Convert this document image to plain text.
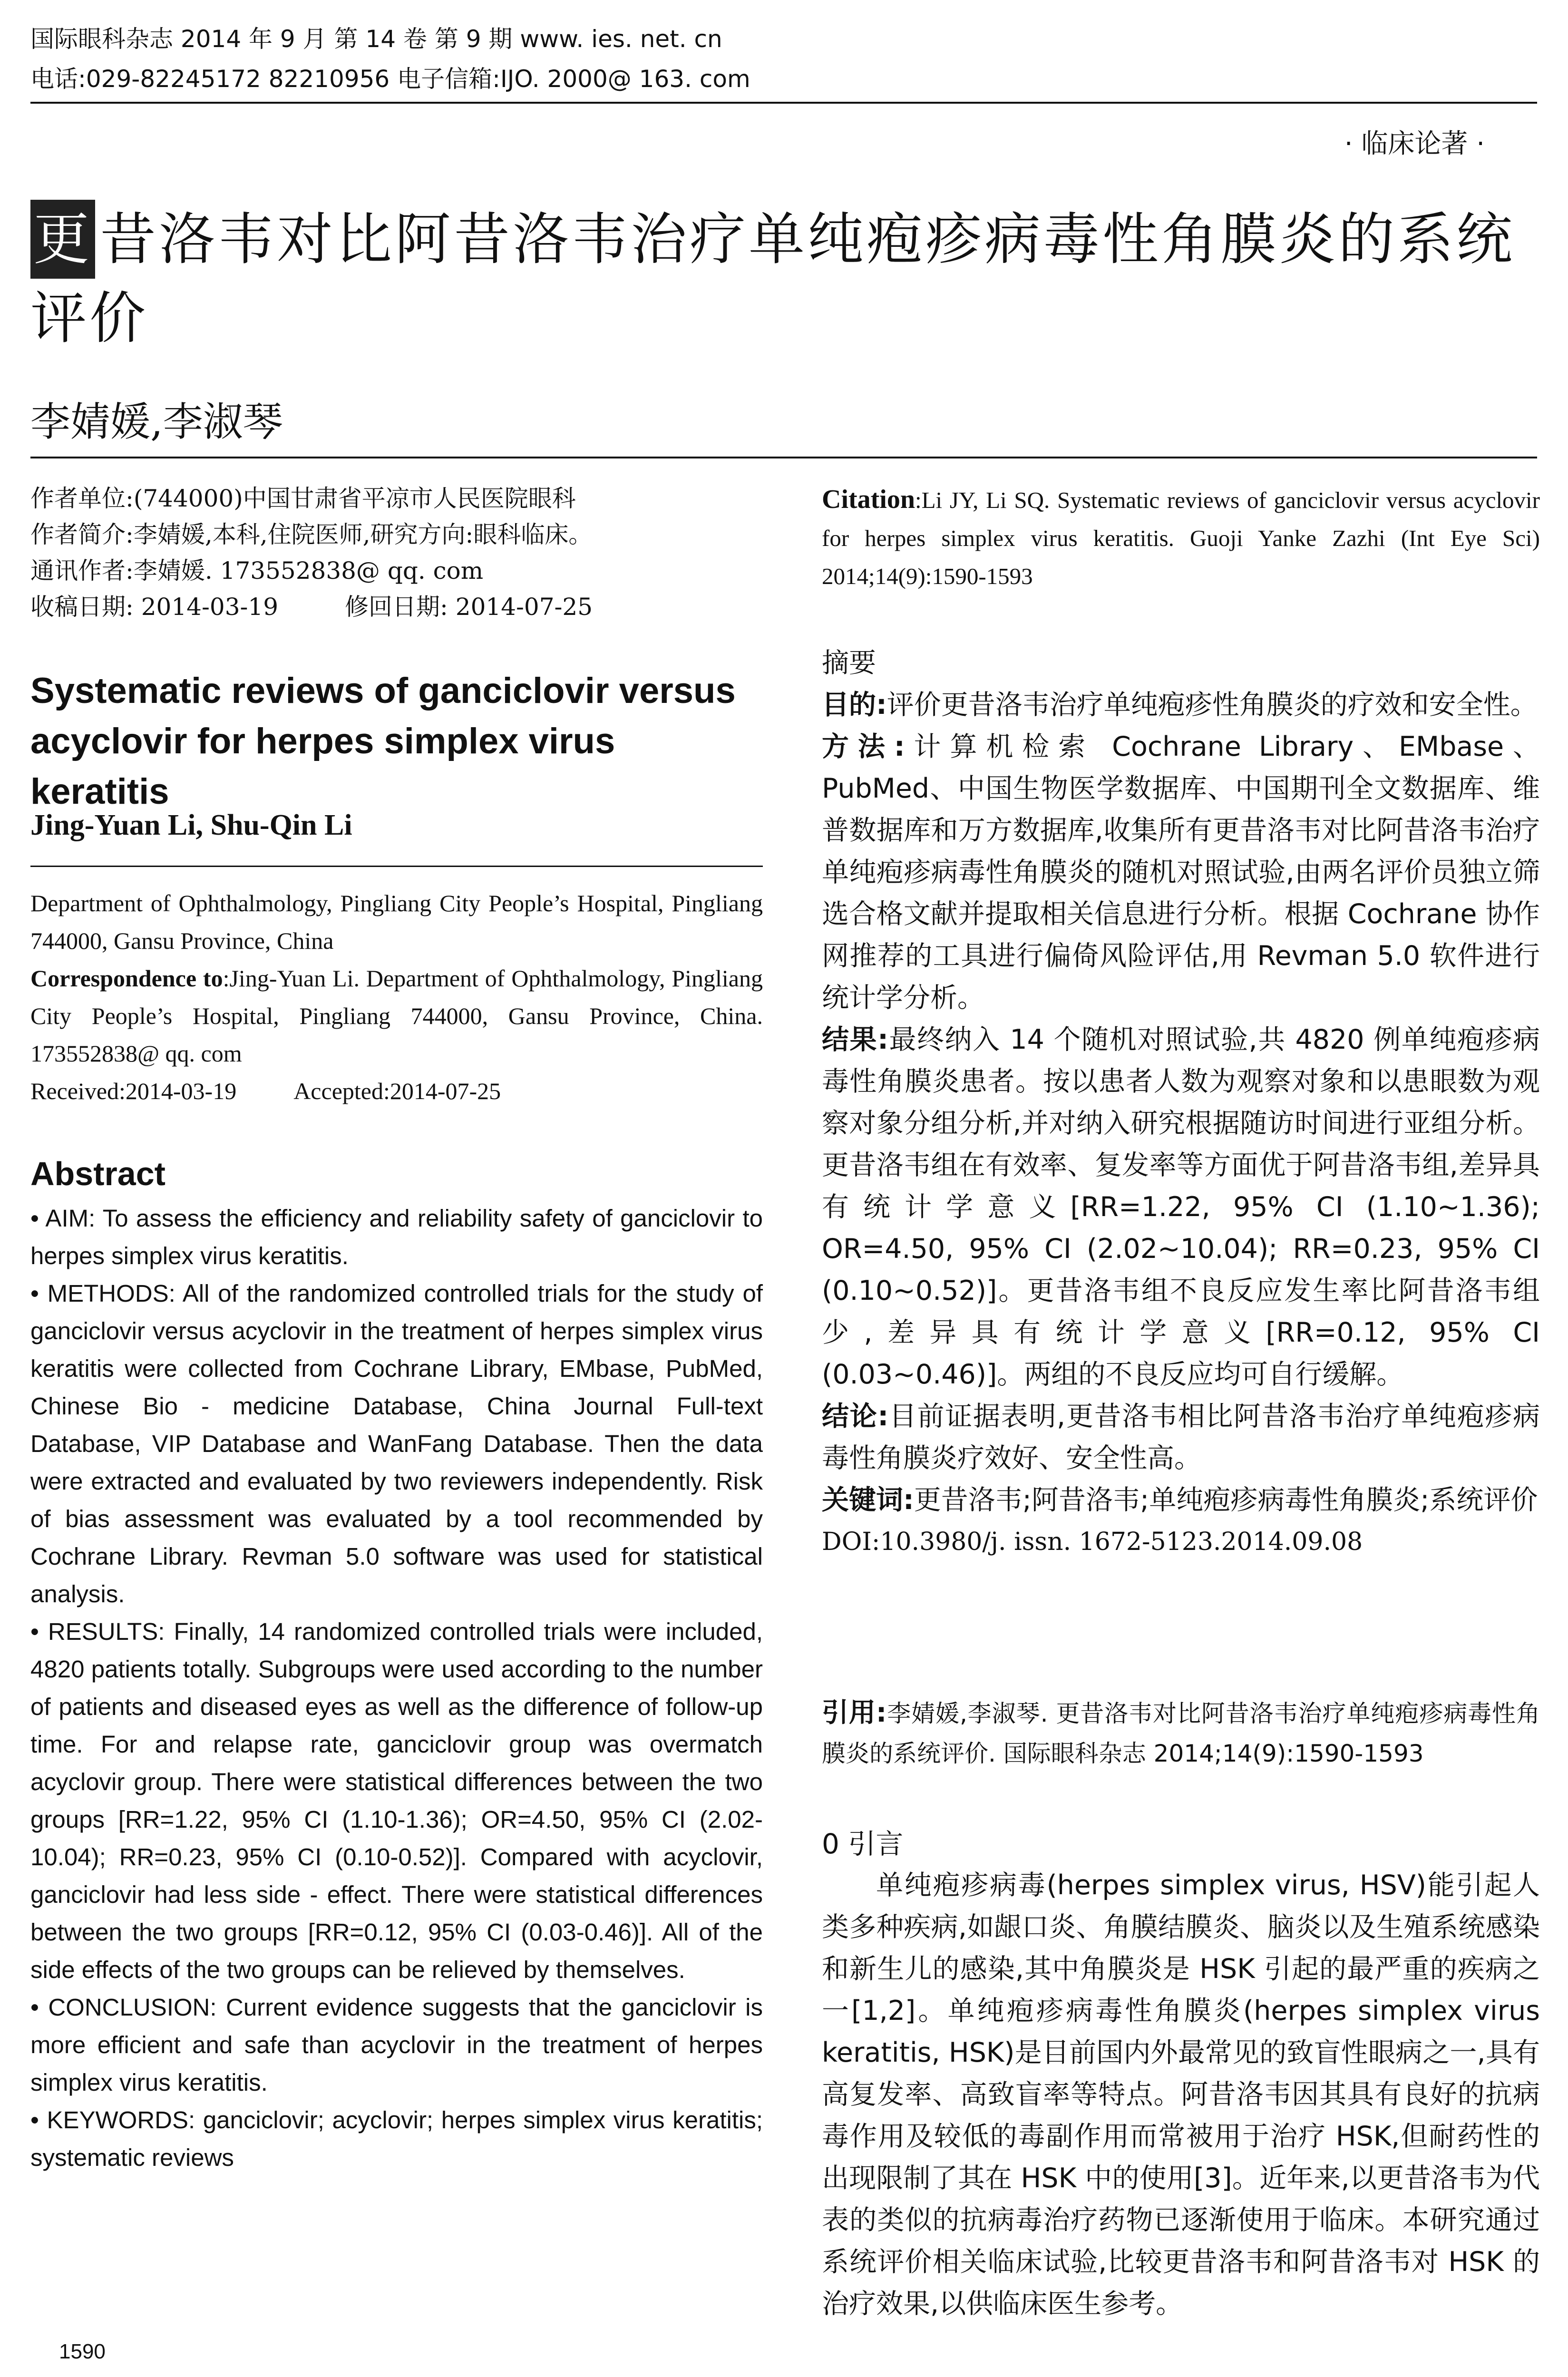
国际眼科杂志 2014 年 9 月 第 14 卷 第 9 期 www. ies. net. cn
电话:029-82245172 82210956 电子信箱:IJO. 2000@ 163. com
· 临床论著 ·
更 昔洛韦对比阿昔洛韦治疗单纯疱疹病毒性角膜炎的系统评价
李婧媛,李淑琴

作者单位:(744000)中国甘肃省平凉市人民医院眼科

作者简介:李婧媛,本科,住院医师,研究方向:眼科临床。

通讯作者:李婧媛. 173552838@ qq. com

收稿日期: 2014-03-19	修回日期: 2014-07-25

Systematic reviews of ganciclovir versus acyclovir for herpes simplex virus keratitis
Jing-Yuan Li, Shu-Qin Li

Department of Ophthalmology, Pingliang City People’s Hospital, Pingliang 744000, Gansu Province, China

Correspondence to:Jing-Yuan Li. Department of Ophthalmology, Pingliang City People’s Hospital, Pingliang 744000, Gansu Province, China. 173552838@ qq. com

Received:2014-03-19 Accepted:2014-07-25

Abstract

• AIM: To assess the efficiency and reliability safety of ganciclovir to herpes simplex virus keratitis.

• METHODS: All of the randomized controlled trials for the study of ganciclovir versus acyclovir in the treatment of herpes simplex virus keratitis were collected from Cochrane Library, EMbase, PubMed, Chinese Bio - medicine Database, China Journal Full-text Database, VIP Database and WanFang Database. Then the data were extracted and evaluated by two reviewers independently. Risk of bias assessment was evaluated by a tool recommended by Cochrane Library. Revman 5.0 software was used for statistical analysis.

• RESULTS: Finally, 14 randomized controlled trials were included, 4820 patients totally. Subgroups were used according to the number of patients and diseased eyes as well as the difference of follow-up time. For and relapse rate, ganciclovir group was overmatch acyclovir group. There were statistical differences between the two groups [RR=1.22, 95% CI (1.10-1.36); OR=4.50, 95% CI (2.02-10.04); RR=0.23, 95% CI (0.10-0.52)]. Compared with acyclovir, ganciclovir had less side - effect. There were statistical differences between the two groups [RR=0.12, 95% CI (0.03-0.46)]. All of the side effects of the two groups can be relieved by themselves.

• CONCLUSION: Current evidence suggests that the ganciclovir is more efficient and safe than acyclovir in the treatment of herpes simplex virus keratitis.

• KEYWORDS: ganciclovir; acyclovir; herpes simplex virus keratitis; systematic reviews

Citation:Li JY, Li SQ. Systematic reviews of ganciclovir versus acyclovir for herpes simplex virus keratitis. Guoji Yanke Zazhi (Int Eye Sci) 2014;14(9):1590-1593

摘要

目的:评价更昔洛韦治疗单纯疱疹性角膜炎的疗效和安全性。

方法:计算机检索 Cochrane Library、EMbase、PubMed、中国生物医学数据库、中国期刊全文数据库、维普数据库和万方数据库,收集所有更昔洛韦对比阿昔洛韦治疗单纯疱疹病毒性角膜炎的随机对照试验,由两名评价员独立筛选合格文献并提取相关信息进行分析。根据 Cochrane 协作网推荐的工具进行偏倚风险评估,用 Revman 5.0 软件进行统计学分析。

结果:最终纳入 14 个随机对照试验,共 4820 例单纯疱疹病毒性角膜炎患者。按以患者人数为观察对象和以患眼数为观察对象分组分析,并对纳入研究根据随访时间进行亚组分析。更昔洛韦组在有效率、复发率等方面优于阿昔洛韦组,差异具有统计学意义[RR=1.22, 95% CI (1.10~1.36); OR=4.50, 95% CI (2.02~10.04); RR=0.23, 95% CI (0.10~0.52)]。更昔洛韦组不良反应发生率比阿昔洛韦组少,差异具有统计学意义[RR=0.12, 95% CI (0.03~0.46)]。两组的不良反应均可自行缓解。

结论:目前证据表明,更昔洛韦相比阿昔洛韦治疗单纯疱疹病毒性角膜炎疗效好、安全性高。

关键词:更昔洛韦;阿昔洛韦;单纯疱疹病毒性角膜炎;系统评价

DOI:10.3980/j. issn. 1672-5123.2014.09.08

引用:李婧媛,李淑琴. 更昔洛韦对比阿昔洛韦治疗单纯疱疹病毒性角膜炎的系统评价. 国际眼科杂志 2014;14(9):1590-1593
0 引言

单纯疱疹病毒(herpes simplex virus, HSV)能引起人类多种疾病,如龈口炎、角膜结膜炎、脑炎以及生殖系统感染和新生儿的感染,其中角膜炎是 HSK 引起的最严重的疾病之一[1,2]。单纯疱疹病毒性角膜炎(herpes simplex virus keratitis, HSK)是目前国内外最常见的致盲性眼病之一,具有高复发率、高致盲率等特点。阿昔洛韦因其具有良好的抗病毒作用及较低的毒副作用而常被用于治疗 HSK,但耐药性的出现限制了其在 HSK 中的使用[3]。近年来,以更昔洛韦为代表的类似的抗病毒治疗药物已逐渐使用于临床。本研究通过系统评价相关临床试验,比较更昔洛韦和阿昔洛韦对 HSK 的治疗效果,以供临床医生参考。

1590
